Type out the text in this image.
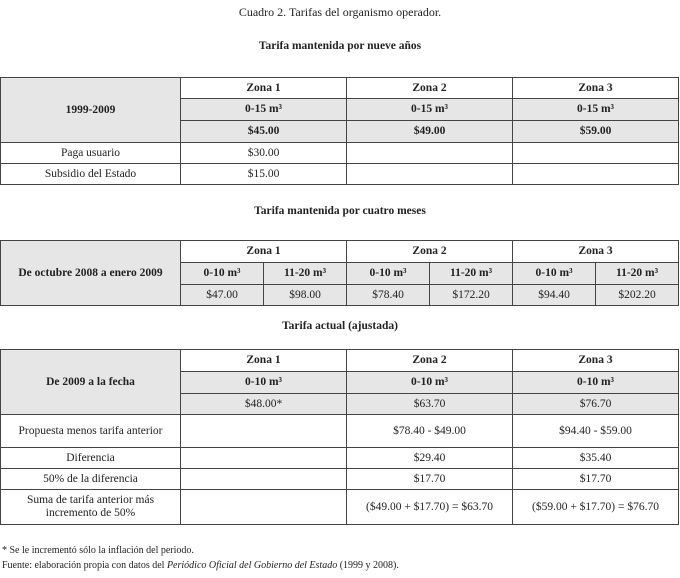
Cuadro 2. Tarifas del organismo operador.
Tarifa mantenida por nueve años
1999-2009	Zona 1	Zona 2	Zona 3
	0-15 m³	0-15 m³	0-15 m³
	$45.00	$49.00	$59.00
Paga usuario	$30.00		
Subsidio del Estado	$15.00		
Tarifa mantenida por cuatro meses
De octubre 2008 a enero 2009	Zona 1		Zona 2		Zona 3	
	0-10 m³	11-20 m³	0-10 m³	11-20 m³	0-10 m³	11-20 m³
	$47.00	$98.00	$78.40	$172.20	$94.40	$202.20
Tarifa actual (ajustada)
De 2009 a la fecha	Zona 1	Zona 2	Zona 3
	0-10 m³	0-10 m³	0-10 m³
	$48.00*	$63.70	$76.70
Propuesta menos tarifa anterior		$78.40 - $49.00	$94.40 - $59.00
Diferencia		$29.40	$35.40
50% de la diferencia		$17.70	$17.70
Suma de tarifa anterior más incremento de 50%		($49.00 + $17.70) = $63.70	($59.00 + $17.70) = $76.70
* Se le incrementó sólo la inflación del periodo.
Fuente: elaboración propia con datos del Periódico Oficial del Gobierno del Estado (1999 y 2008).
